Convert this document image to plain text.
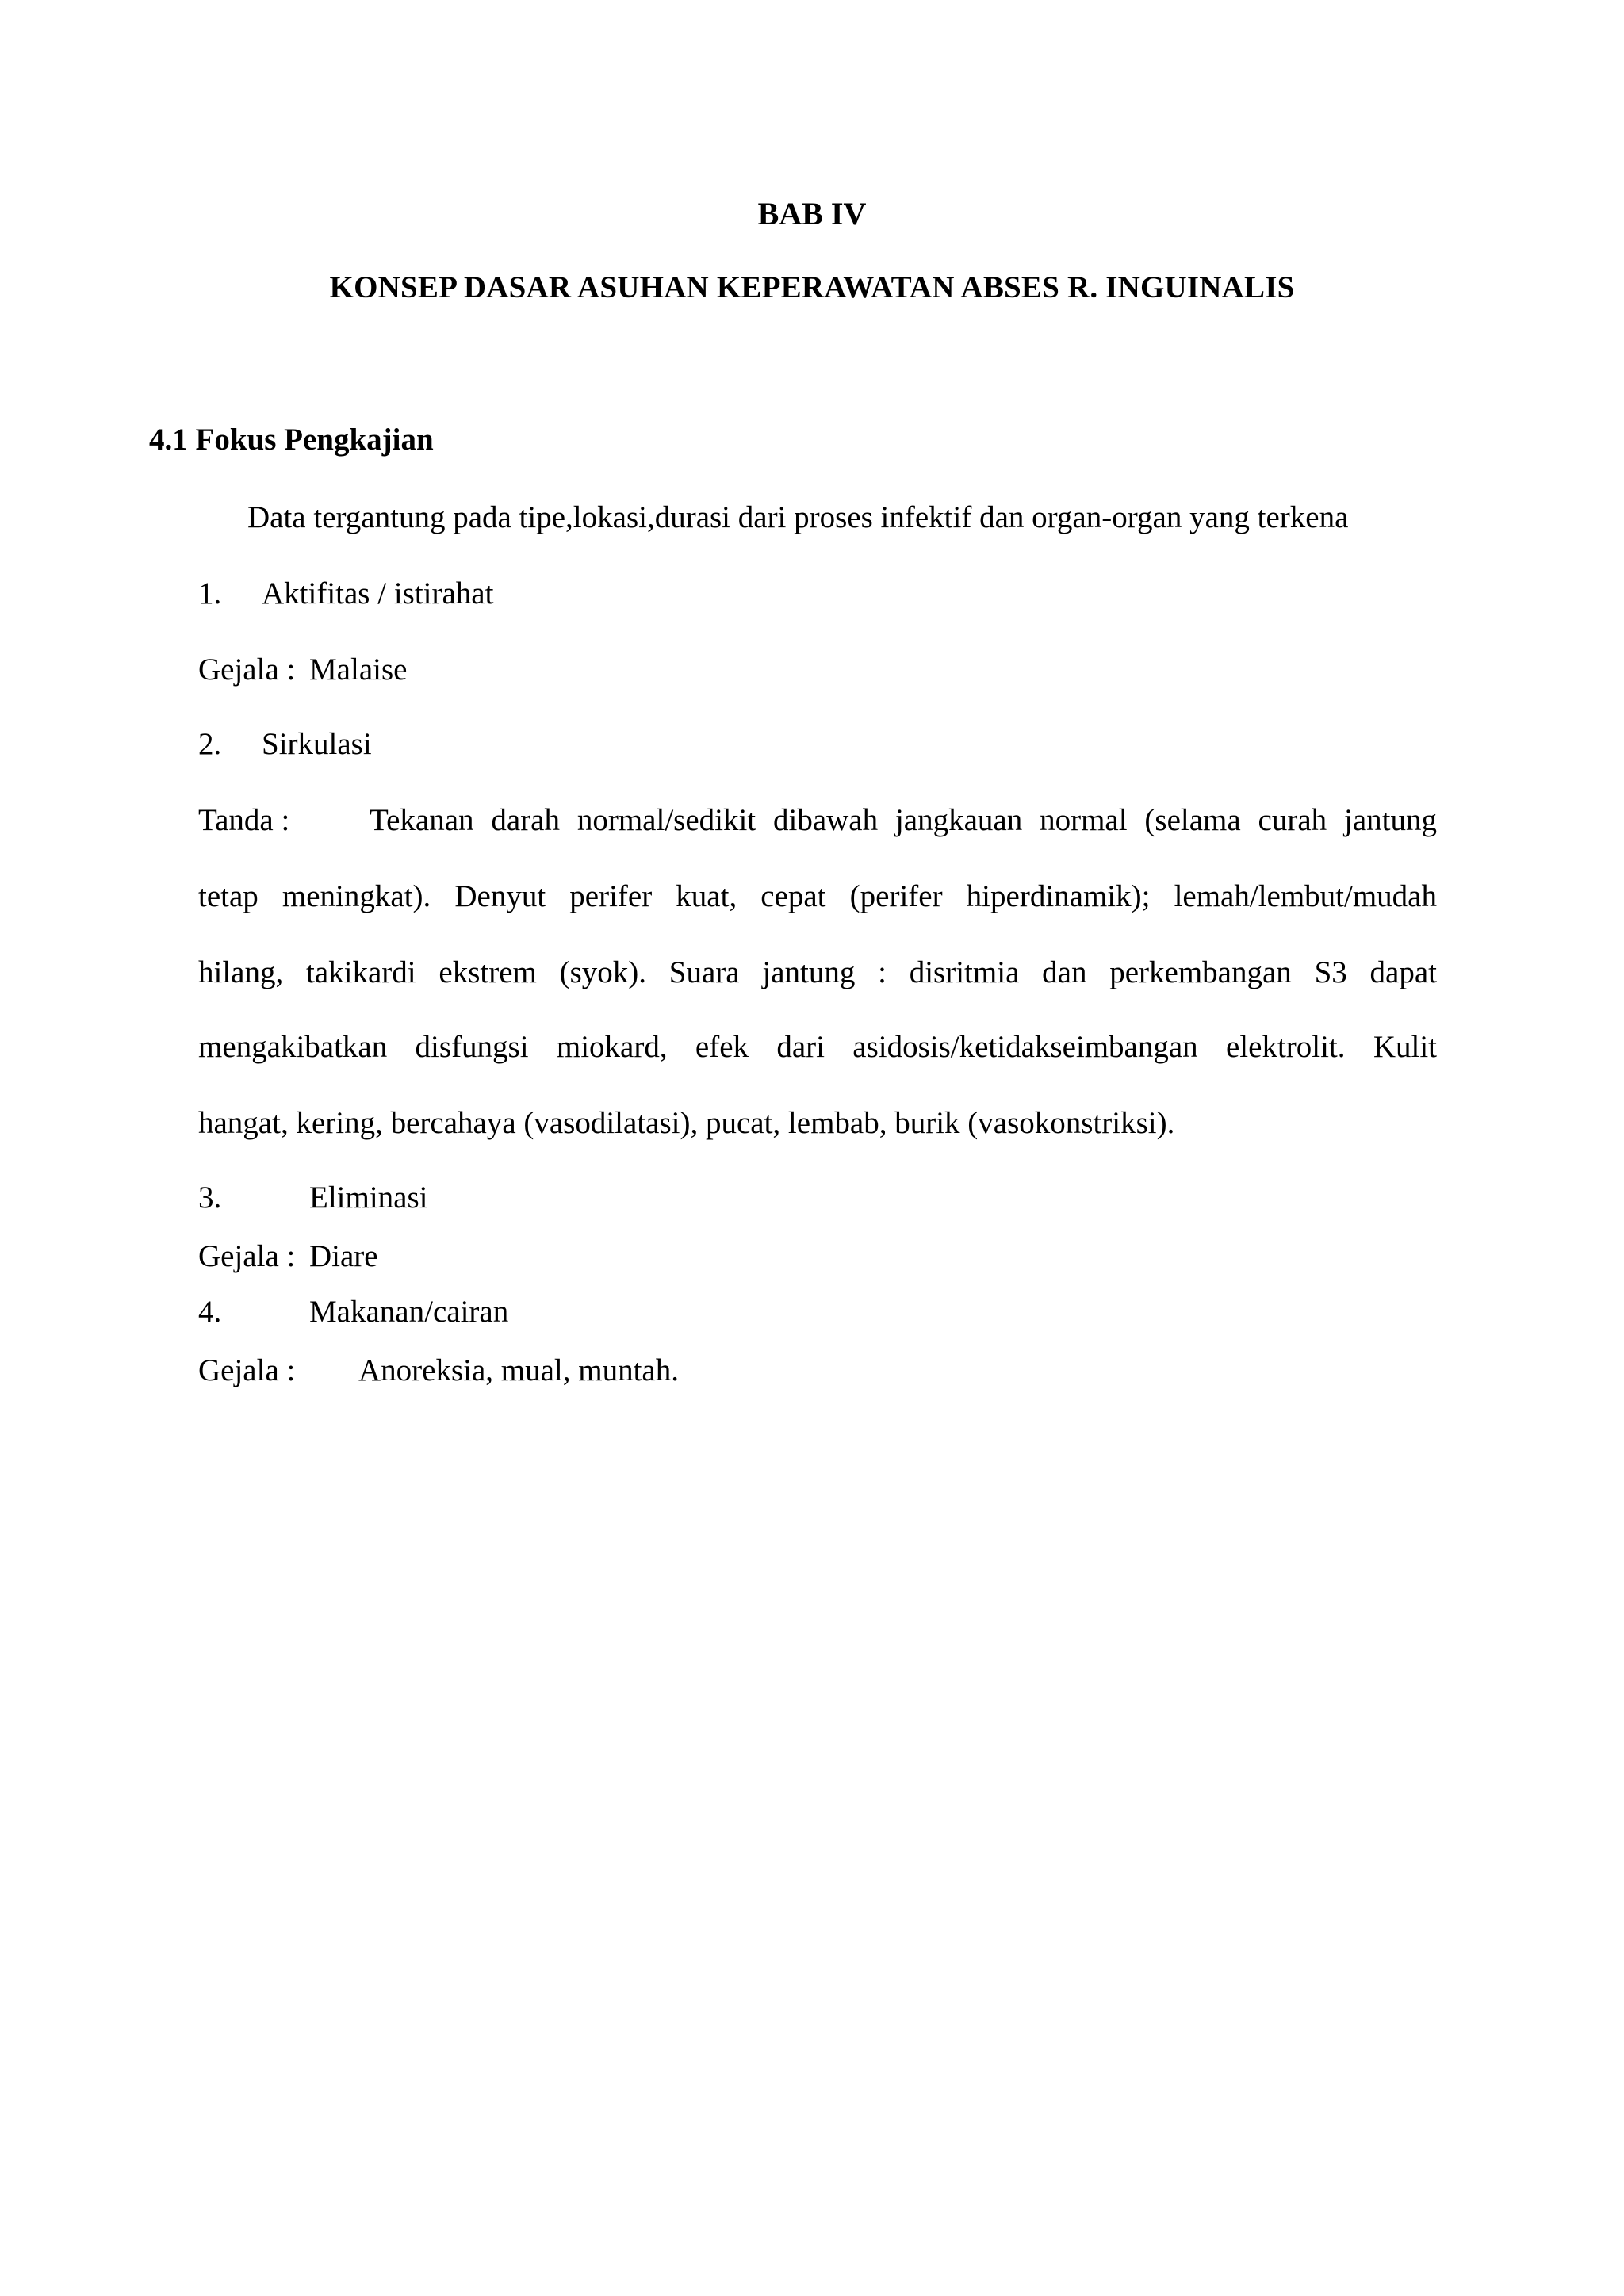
BAB IV
KONSEP DASAR ASUHAN KEPERAWATAN ABSES R. INGUINALIS
4.1 Fokus Pengkajian
Data tergantung pada tipe,lokasi,durasi dari proses infektif dan organ-organ yang terkena
1. Aktifitas / istirahat
Gejala : Malaise
2. Sirkulasi
Tanda :	Tekanan darah normal/sedikit dibawah jangkauan normal (selama curah jantung
tetap meningkat). Denyut perifer kuat, cepat (perifer hiperdinamik); lemah/lembut/mudah
hilang, takikardi ekstrem (syok). Suara jantung : disritmia dan perkembangan S3 dapat
mengakibatkan disfungsi miokard, efek dari asidosis/ketidakseimbangan elektrolit. Kulit
hangat, kering, bercahaya (vasodilatasi), pucat, lembab, burik (vasokonstriksi).
3.	Eliminasi
Gejala : Diare
4.	Makanan/cairan
Gejala : Anoreksia, mual, muntah.
